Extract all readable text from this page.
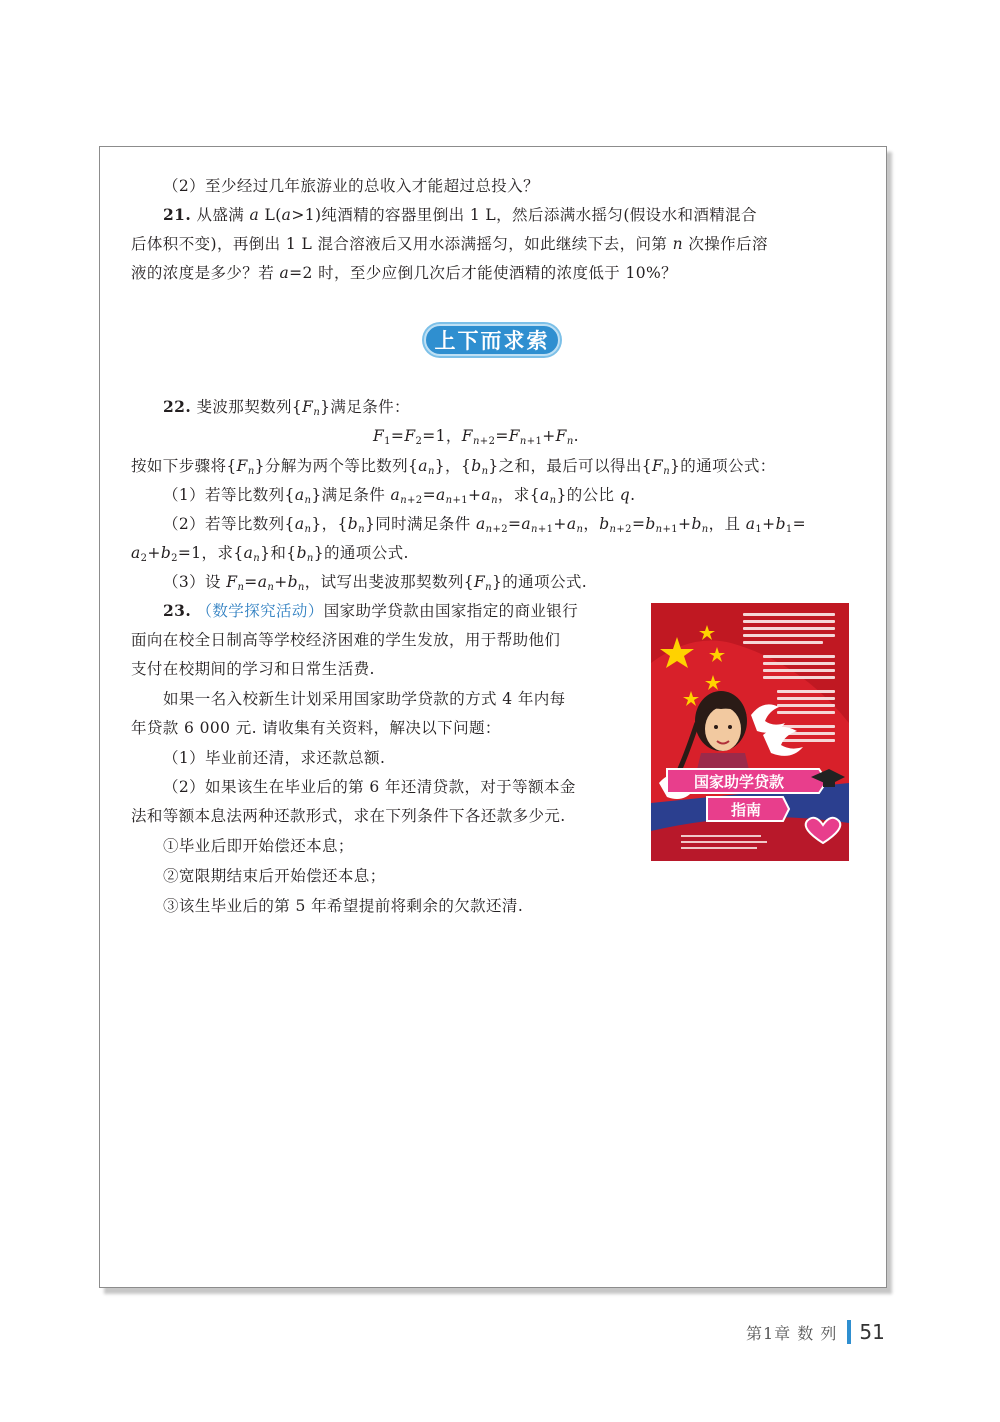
（2）至少经过几年旅游业的总收入才能超过总投入？
21. 从盛满 a L(a>1)纯酒精的容器里倒出 1 L，然后添满水摇匀(假设水和酒精混合
后体积不变)，再倒出 1 L 混合溶液后又用水添满摇匀，如此继续下去，问第 n 次操作后溶
液的浓度是多少？若 a=2 时，至少应倒几次后才能使酒精的浓度低于 10%？
上下而求索
22. 斐波那契数列$\{F_n\}$满足条件：
$F_1=F_2=1$，$F_{n+2}=F_{n+1}+F_n$.
按如下步骤将$\{F_n\}$分解为两个等比数列$\{a_n\}$，$\{b_n\}$之和，最后可以得出$\{F_n\}$的通项公式：
（1）若等比数列$\{a_n\}$满足条件 $a_{n+2}=a_{n+1}+a_n$，求$\{a_n\}$的公比 q.
（2）若等比数列$\{a_n\}$，$\{b_n\}$同时满足条件 $a_{n+2}=a_{n+1}+a_n$，$b_{n+2}=b_{n+1}+b_n$，且 $a_1+b_1=$
$a_2+b_2=1$，求$\{a_n\}$和$\{b_n\}$的通项公式.
（3）设 $F_n=a_n+b_n$，试写出斐波那契数列$\{F_n\}$的通项公式.
23. （数学探究活动）国家助学贷款由国家指定的商业银行
面向在校全日制高等学校经济困难的学生发放，用于帮助他们
支付在校期间的学习和日常生活费.
如果一名入校新生计划采用国家助学贷款的方式 4 年内每
年贷款 6 000 元. 请收集有关资料，解决以下问题：
（1）毕业前还清，求还款总额.
（2）如果该生在毕业后的第 6 年还清贷款，对于等额本金
法和等额本息法两种还款形式，求在下列条件下各还款多少元.
①毕业后即开始偿还本息；
②宽限期结束后开始偿还本息；
③该生毕业后的第 5 年希望提前将剩余的欠款还清.
国家助学贷款
指南
第1章 数 列 51
